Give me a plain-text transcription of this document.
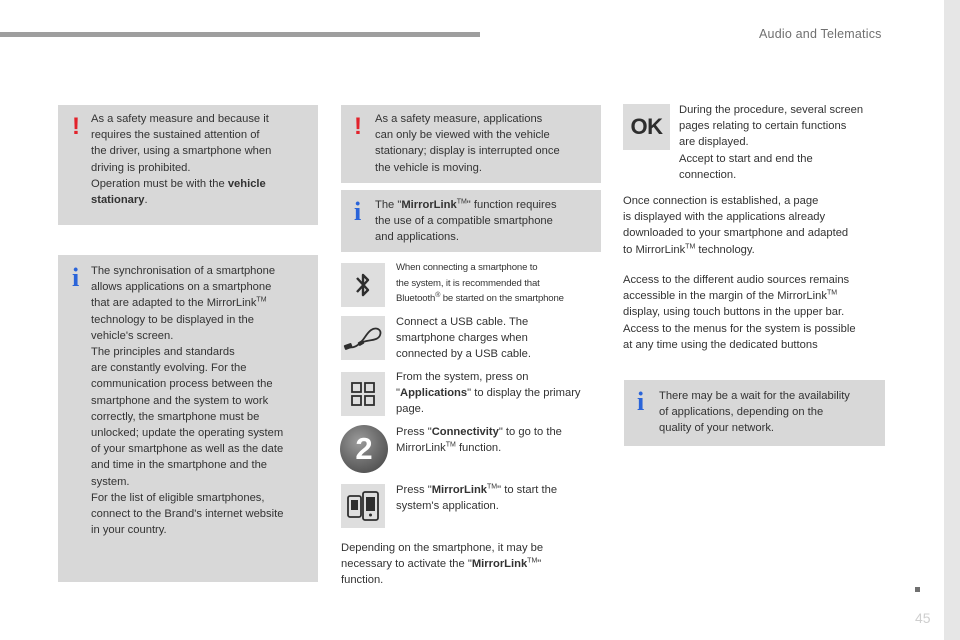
Audio and Telematics
! As a safety measure and because it
requires the sustained attention of
the driver, using a smartphone when
driving is prohibited.
Operation must be with the vehicle
stationary.
i The synchronisation of a smartphone
allows applications on a smartphone
that are adapted to the MirrorLink™
technology to be displayed in the
vehicle's screen.
The principles and standards
are constantly evolving. For the
communication process between the
smartphone and the system to work
correctly, the smartphone must be
unlocked; update the operating system
of your smartphone as well as the date
and time in the smartphone and the
system.
For the list of eligible smartphones,
connect to the Brand's internet website
in your country.
! As a safety measure, applications
can only be viewed with the vehicle
stationary; display is interrupted once
the vehicle is moving.
i The "MirrorLink™" function requires
the use of a compatible smartphone
and applications.
When connecting a smartphone to
the system, it is recommended that
Bluetooth® be started on the smartphone
Connect a USB cable. The
smartphone charges when
connected by a USB cable.
From the system, press on
"Applications" to display the primary
page.
2 Press "Connectivity" to go to the
MirrorLink™ function.
Press "MirrorLink™" to start the
system's application.
Depending on the smartphone, it may be
necessary to activate the "MirrorLink™"
function.
OK
During the procedure, several screen
pages relating to certain functions
are displayed.
Accept to start and end the
connection.
Once connection is established, a page
is displayed with the applications already
downloaded to your smartphone and adapted
to MirrorLink™ technology.
Access to the different audio sources remains
accessible in the margin of the MirrorLink™
display, using touch buttons in the upper bar.
Access to the menus for the system is possible
at any time using the dedicated buttons
i There may be a wait for the availability
of applications, depending on the
quality of your network.
45
